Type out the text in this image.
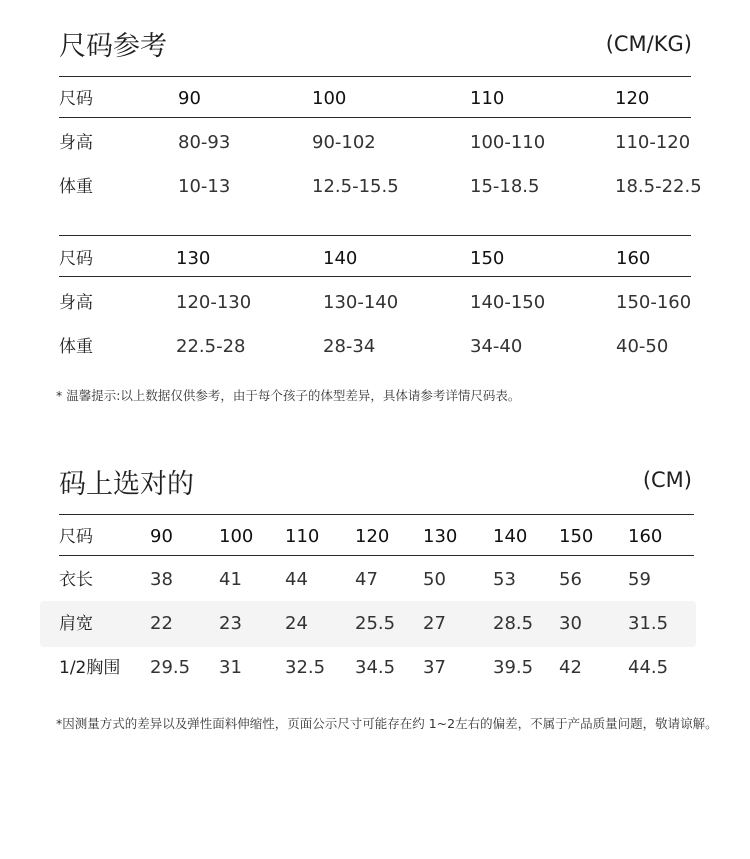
尺码参考	(CM/KG)
尺码	90	100	110	120
身高	80-93	90-102	100-110	110-120
体重	10-13	12.5-15.5	15-18.5	18.5-22.5
尺码	130	140	150	160
身高	120-130	130-140	140-150	150-160
体重	22.5-28	28-34	34-40	40-50
* 温馨提示:以上数据仅供参考，由于每个孩子的体型差异，具体请参考详情尺码表。
码上选对的	(CM)
尺码	90	100 110 120 130 140 150 160
衣长	38	41 44	47	50	53 56	59
肩宽	22	23 24	25.5 27	28.5 30	31.5
1/2胸围 29.5 31 32.5 34.5 37	39.5 42	44.5
*因测量方式的差异以及弹性面料伸缩性，页面公示尺寸可能存在约 1~2左右的偏差，不属于产品质量问题，敬请谅解。
